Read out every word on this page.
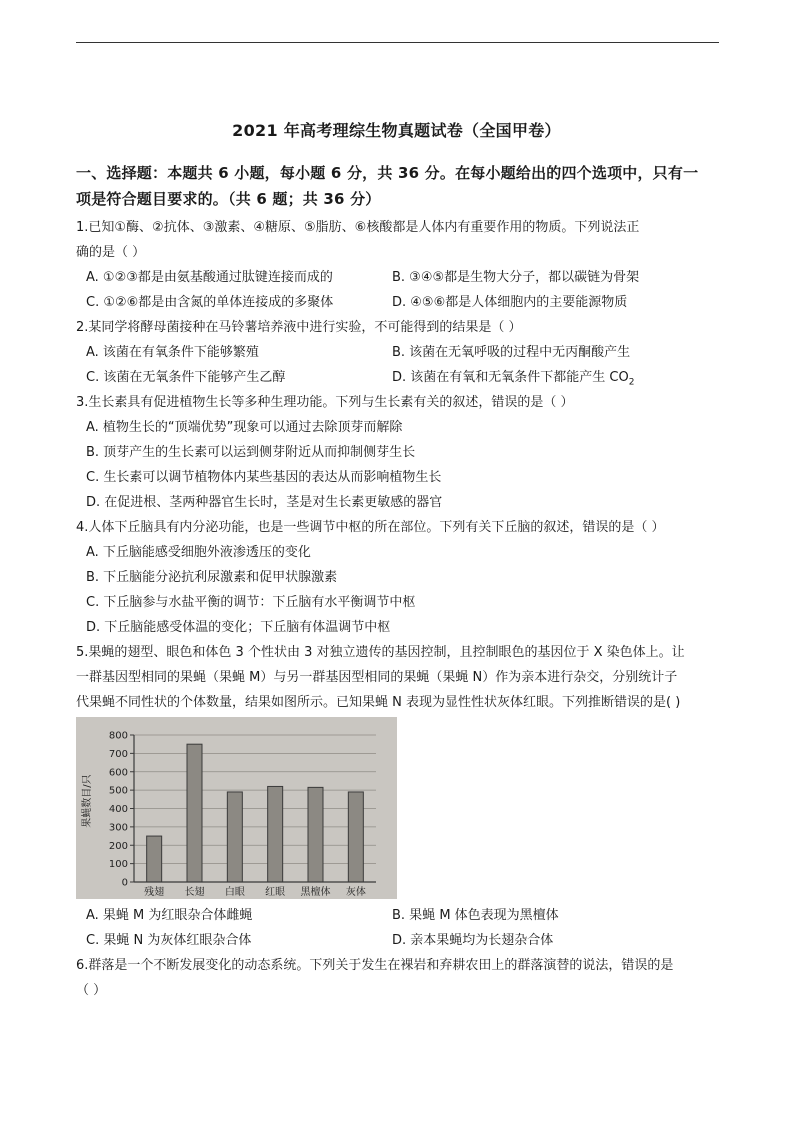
2021 年高考理综生物真题试卷（全国甲卷）
一、选择题：本题共 6 小题，每小题 6 分，共 36 分。在每小题给出的四个选项中，只有一
项是符合题目要求的。（共 6 题；共 36 分）
1.已知①酶、②抗体、③激素、④糖原、⑤脂肪、⑥核酸都是人体内有重要作用的物质。下列说法正
确的是（ ）
A. ①②③都是由氨基酸通过肽键连接而成的	B. ③④⑤都是生物大分子，都以碳链为骨架
C. ①②⑥都是由含氮的单体连接成的多聚体	D. ④⑤⑥都是人体细胞内的主要能源物质
2.某同学将酵母菌接种在马铃薯培养液中进行实验，不可能得到的结果是（ ）
A. 该菌在有氧条件下能够繁殖	B. 该菌在无氧呼吸的过程中无丙酮酸产生
C. 该菌在无氧条件下能够产生乙醇	D. 该菌在有氧和无氧条件下都能产生 $CO_2$
3.生长素具有促进植物生长等多种生理功能。下列与生长素有关的叙述，错误的是（ ）
A. 植物生长的“顶端优势”现象可以通过去除顶芽而解除
B. 顶芽产生的生长素可以运到侧芽附近从而抑制侧芽生长
C. 生长素可以调节植物体内某些基因的表达从而影响植物生长
D. 在促进根、茎两种器官生长时，茎是对生长素更敏感的器官
4.人体下丘脑具有内分泌功能，也是一些调节中枢的所在部位。下列有关下丘脑的叙述，错误的是（ ）
A. 下丘脑能感受细胞外液渗透压的变化
B. 下丘脑能分泌抗利尿激素和促甲状腺激素
C. 下丘脑参与水盐平衡的调节：下丘脑有水平衡调节中枢
D. 下丘脑能感受体温的变化；下丘脑有体温调节中枢
5.果蝇的翅型、眼色和体色 3 个性状由 3 对独立遗传的基因控制，且控制眼色的基因位于 X 染色体上。让
一群基因型相同的果蝇（果蝇 M）与另一群基因型相同的果蝇（果蝇 N）作为亲本进行杂交，分别统计子
代果蝇不同性状的个体数量，结果如图所示。已知果蝇 N 表现为显性性状灰体红眼。下列推断错误的是( )
0
100
200
300
400
500
600
700
800
残翅 长翅 白眼 红眼 黑檀体 灰体
果蝇数目/只
A. 果蝇 M 为红眼杂合体雌蝇	B. 果蝇 M 体色表现为黑檀体
C. 果蝇 N 为灰体红眼杂合体	D. 亲本果蝇均为长翅杂合体
6.群落是一个不断发展变化的动态系统。下列关于发生在裸岩和弃耕农田上的群落演替的说法，错误的是
（ ）
